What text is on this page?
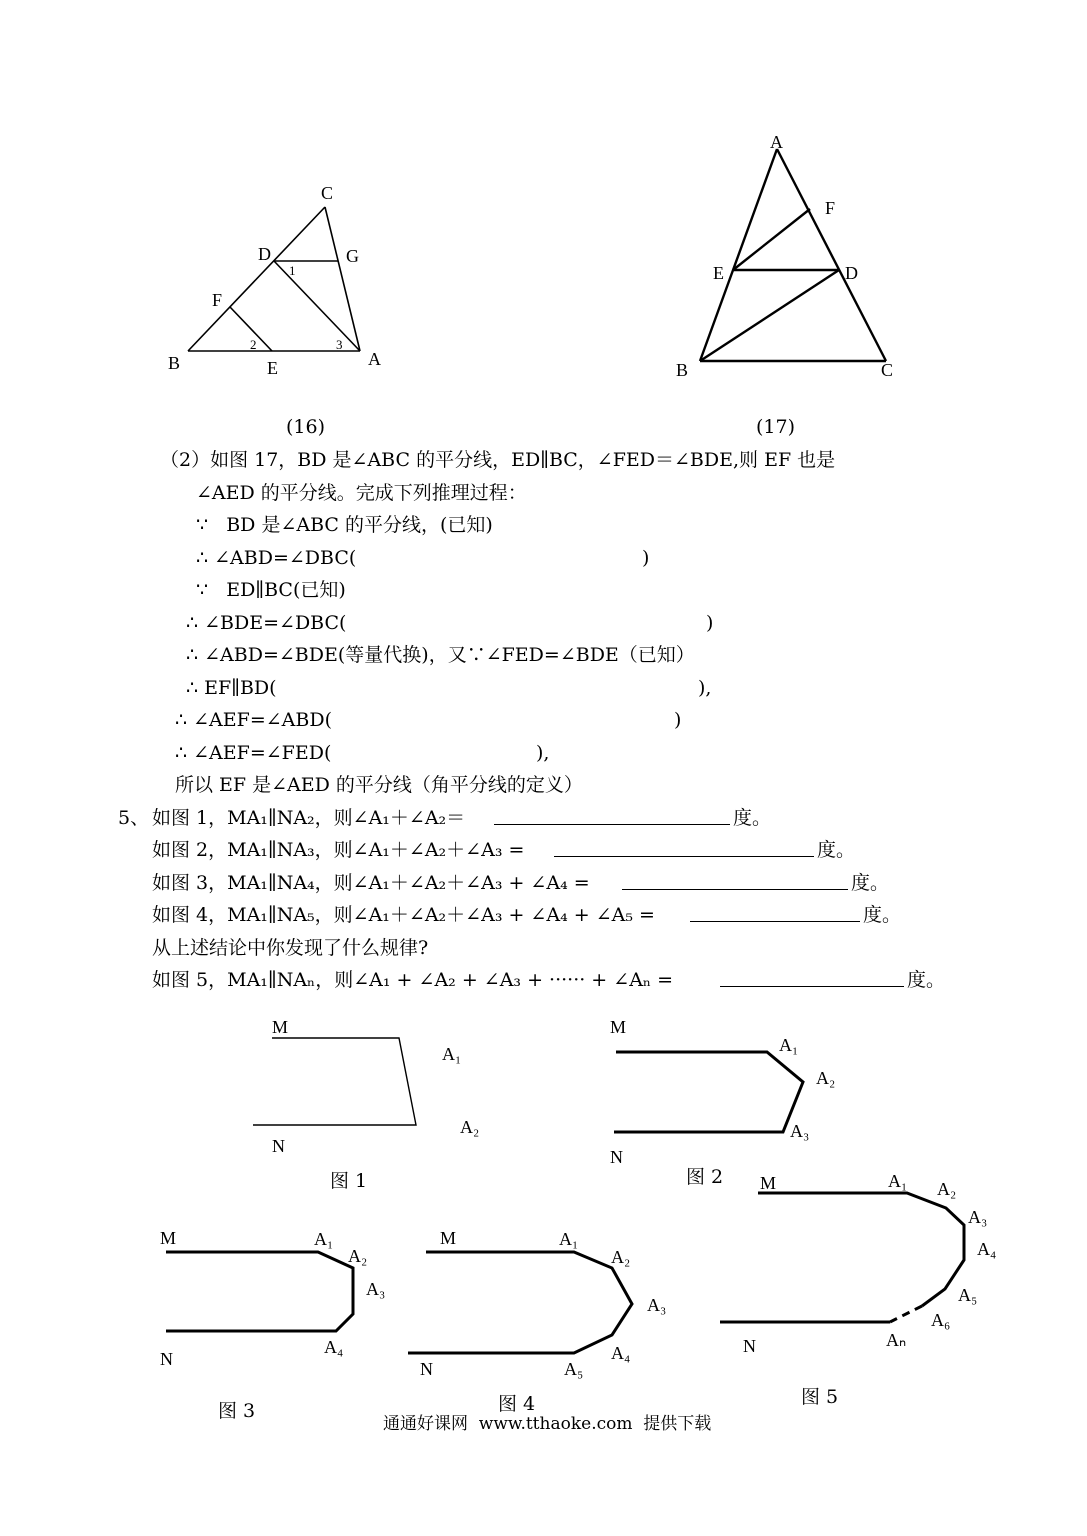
C
D	G
F
B	E	A
1
2	3
(16)
A
F
E	D
B	C
(17)
（2）如图 17，BD 是∠ABC 的平分线，ED∥BC，∠FED＝∠BDE,则 EF 也是
∠AED 的平分线。完成下列推理过程：
∵   BD 是∠ABC 的平分线，(已知)
∴ ∠ABD=∠DBC(	)
∵   ED∥BC(已知)
∴ ∠BDE=∠DBC(	)
∴ ∠ABD=∠BDE(等量代换)，又∵∠FED=∠BDE（已知）
∴ EF∥BD(	),
∴ ∠AEF=∠ABD(	)
∴ ∠AEF=∠FED(	),
所以 EF 是∠AED 的平分线（角平分线的定义）
5、 如图 1，MA₁∥NA₂，则∠A₁＋∠A₂＝	度。
如图 2，MA₁∥NA₃，则∠A₁＋∠A₂＋∠A₃ =	度。
如图 3，MA₁∥NA₄，则∠A₁＋∠A₂＋∠A₃ + ∠A₄ =	度。
如图 4，MA₁∥NA₅，则∠A₁＋∠A₂＋∠A₃ + ∠A₄ + ∠A₅ =	度。
从上述结论中你发现了什么规律?
如图 5，MA₁∥NAₙ，则∠A₁ + ∠A₂ + ∠A₃ + ······ + ∠Aₙ =	度。
M
A₁
A₂
N
图 1
M
A₁
A₂
A₃
N
图 2
M	A₁
A₂
A₃
A₄
N
图 3
M	A₁
A₂
A₃
A₄
A₅
N
图 4
M	A₁ A₂
A₃
A₄
A₅
A₆
Aₙ
N
图 5
通通好课网  www.tthaoke.com  提供下载
